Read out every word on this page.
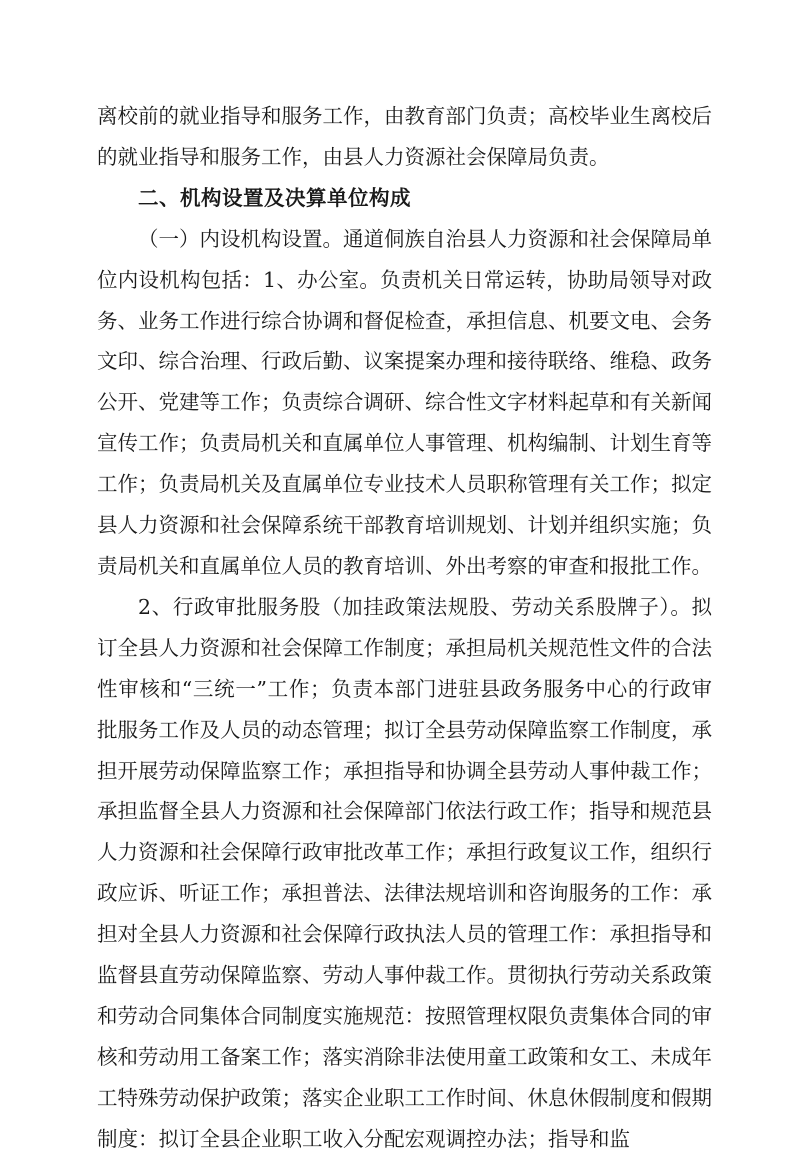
离校前的就业指导和服务工作，由教育部门负责；高校毕业生离校后的就业指导和服务工作，由县人力资源社会保障局负责。

二、机构设置及决算单位构成

（一）内设机构设置。通道侗族自治县人力资源和社会保障局单位内设机构包括：1、办公室。负责机关日常运转，协助局领导对政务、业务工作进行综合协调和督促检查，承担信息、机要文电、会务文印、综合治理、行政后勤、议案提案办理和接待联络、维稳、政务公开、党建等工作；负责综合调研、综合性文字材料起草和有关新闻宣传工作；负责局机关和直属单位人事管理、机构编制、计划生育等工作；负责局机关及直属单位专业技术人员职称管理有关工作；拟定县人力资源和社会保障系统干部教育培训规划、计划并组织实施；负责局机关和直属单位人员的教育培训、外出考察的审查和报批工作。

2、行政审批服务股（加挂政策法规股、劳动关系股牌子）。拟订全县人力资源和社会保障工作制度；承担局机关规范性文件的合法性审核和“三统一”工作；负责本部门进驻县政务服务中心的行政审批服务工作及人员的动态管理；拟订全县劳动保障监察工作制度，承担开展劳动保障监察工作；承担指导和协调全县劳动人事仲裁工作；承担监督全县人力资源和社会保障部门依法行政工作；指导和规范县人力资源和社会保障行政审批改革工作；承担行政复议工作，组织行政应诉、听证工作；承担普法、法律法规培训和咨询服务的工作：承担对全县人力资源和社会保障行政执法人员的管理工作：承担指导和监督县直劳动保障监察、劳动人事仲裁工作。贯彻执行劳动关系政策和劳动合同集体合同制度实施规范：按照管理权限负责集体合同的审核和劳动用工备案工作；落实消除非法使用童工政策和女工、未成年工特殊劳动保护政策；落实企业职工工作时间、休息休假制度和假期制度：拟订全县企业职工收入分配宏观调控办法；指导和监
